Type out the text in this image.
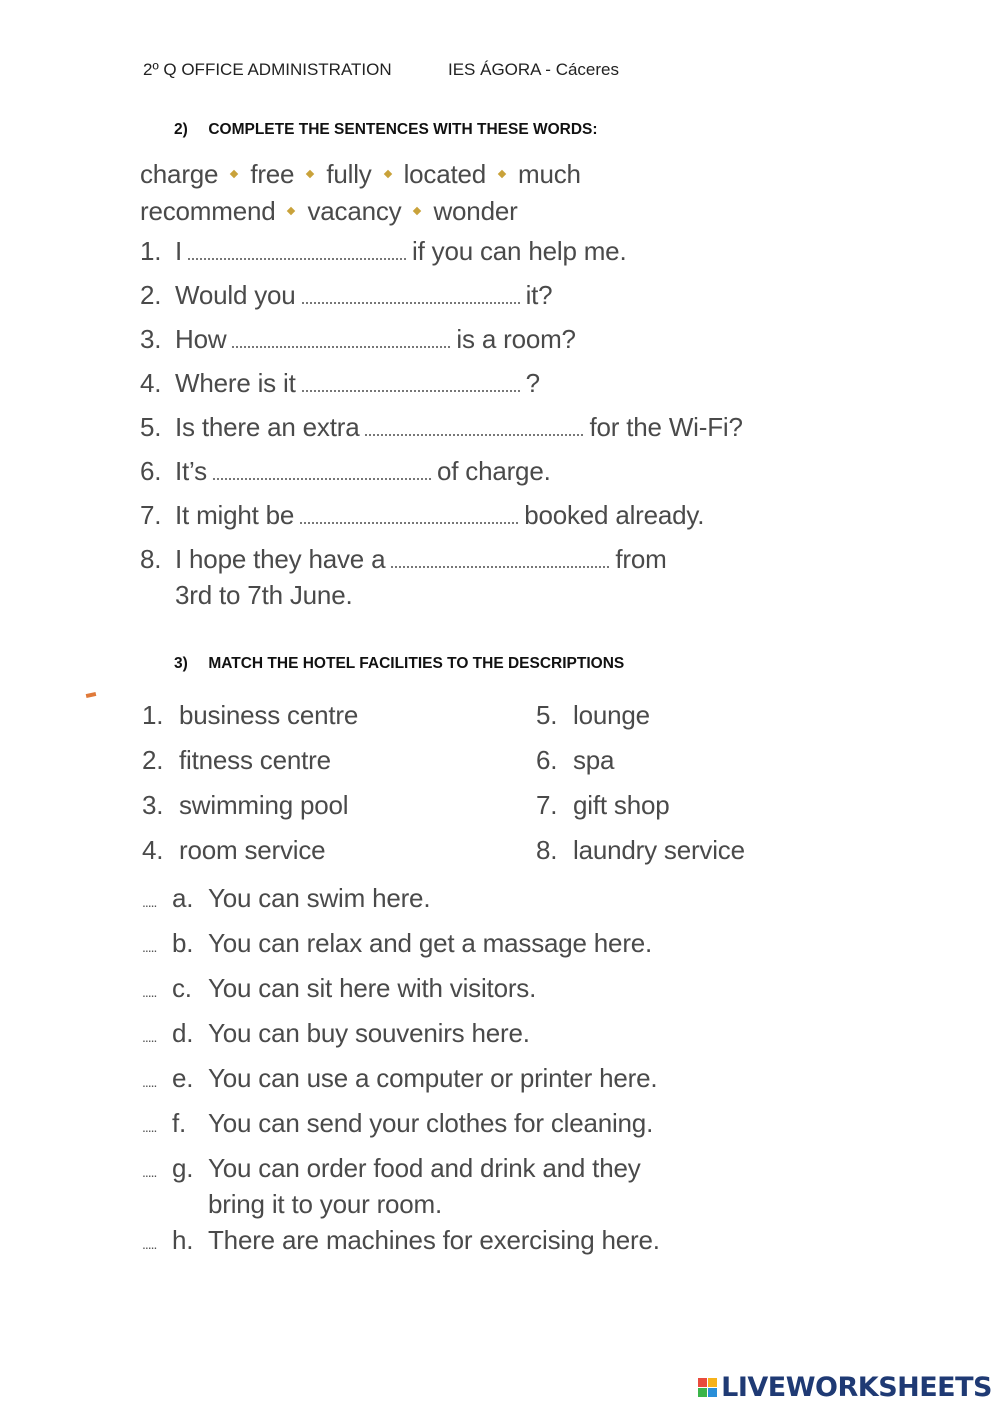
2º Q OFFICE ADMINISTRATION	IES ÁGORA - Cáceres
2) COMPLETE THE SENTENCES WITH THESE WORDS:
charge free fully located much
recommend vacancy wonder
1. I	if you can help me.
2. Would you	it?
3. How	is a room?
4. Where is it	?
5. Is there an extra	for the Wi-Fi?
6. It’s	of charge.
7. It might be	booked already.
8. I hope they have a	from
3rd to 7th June.
3) MATCH THE HOTEL FACILITIES TO THE DESCRIPTIONS
1. business centre	5. lounge
2. fitness centre	6. spa
3. swimming pool	7. gift shop
4. room service	8. laundry service
..... a. You can swim here.
..... b. You can relax and get a massage here.
..... c. You can sit here with visitors.
..... d. You can buy souvenirs here.
..... e. You can use a computer or printer here.
..... f. You can send your clothes for cleaning.
..... g. You can order food and drink and they
bring it to your room.
..... h. There are machines for exercising here.
LIVEWORKSHEETS
